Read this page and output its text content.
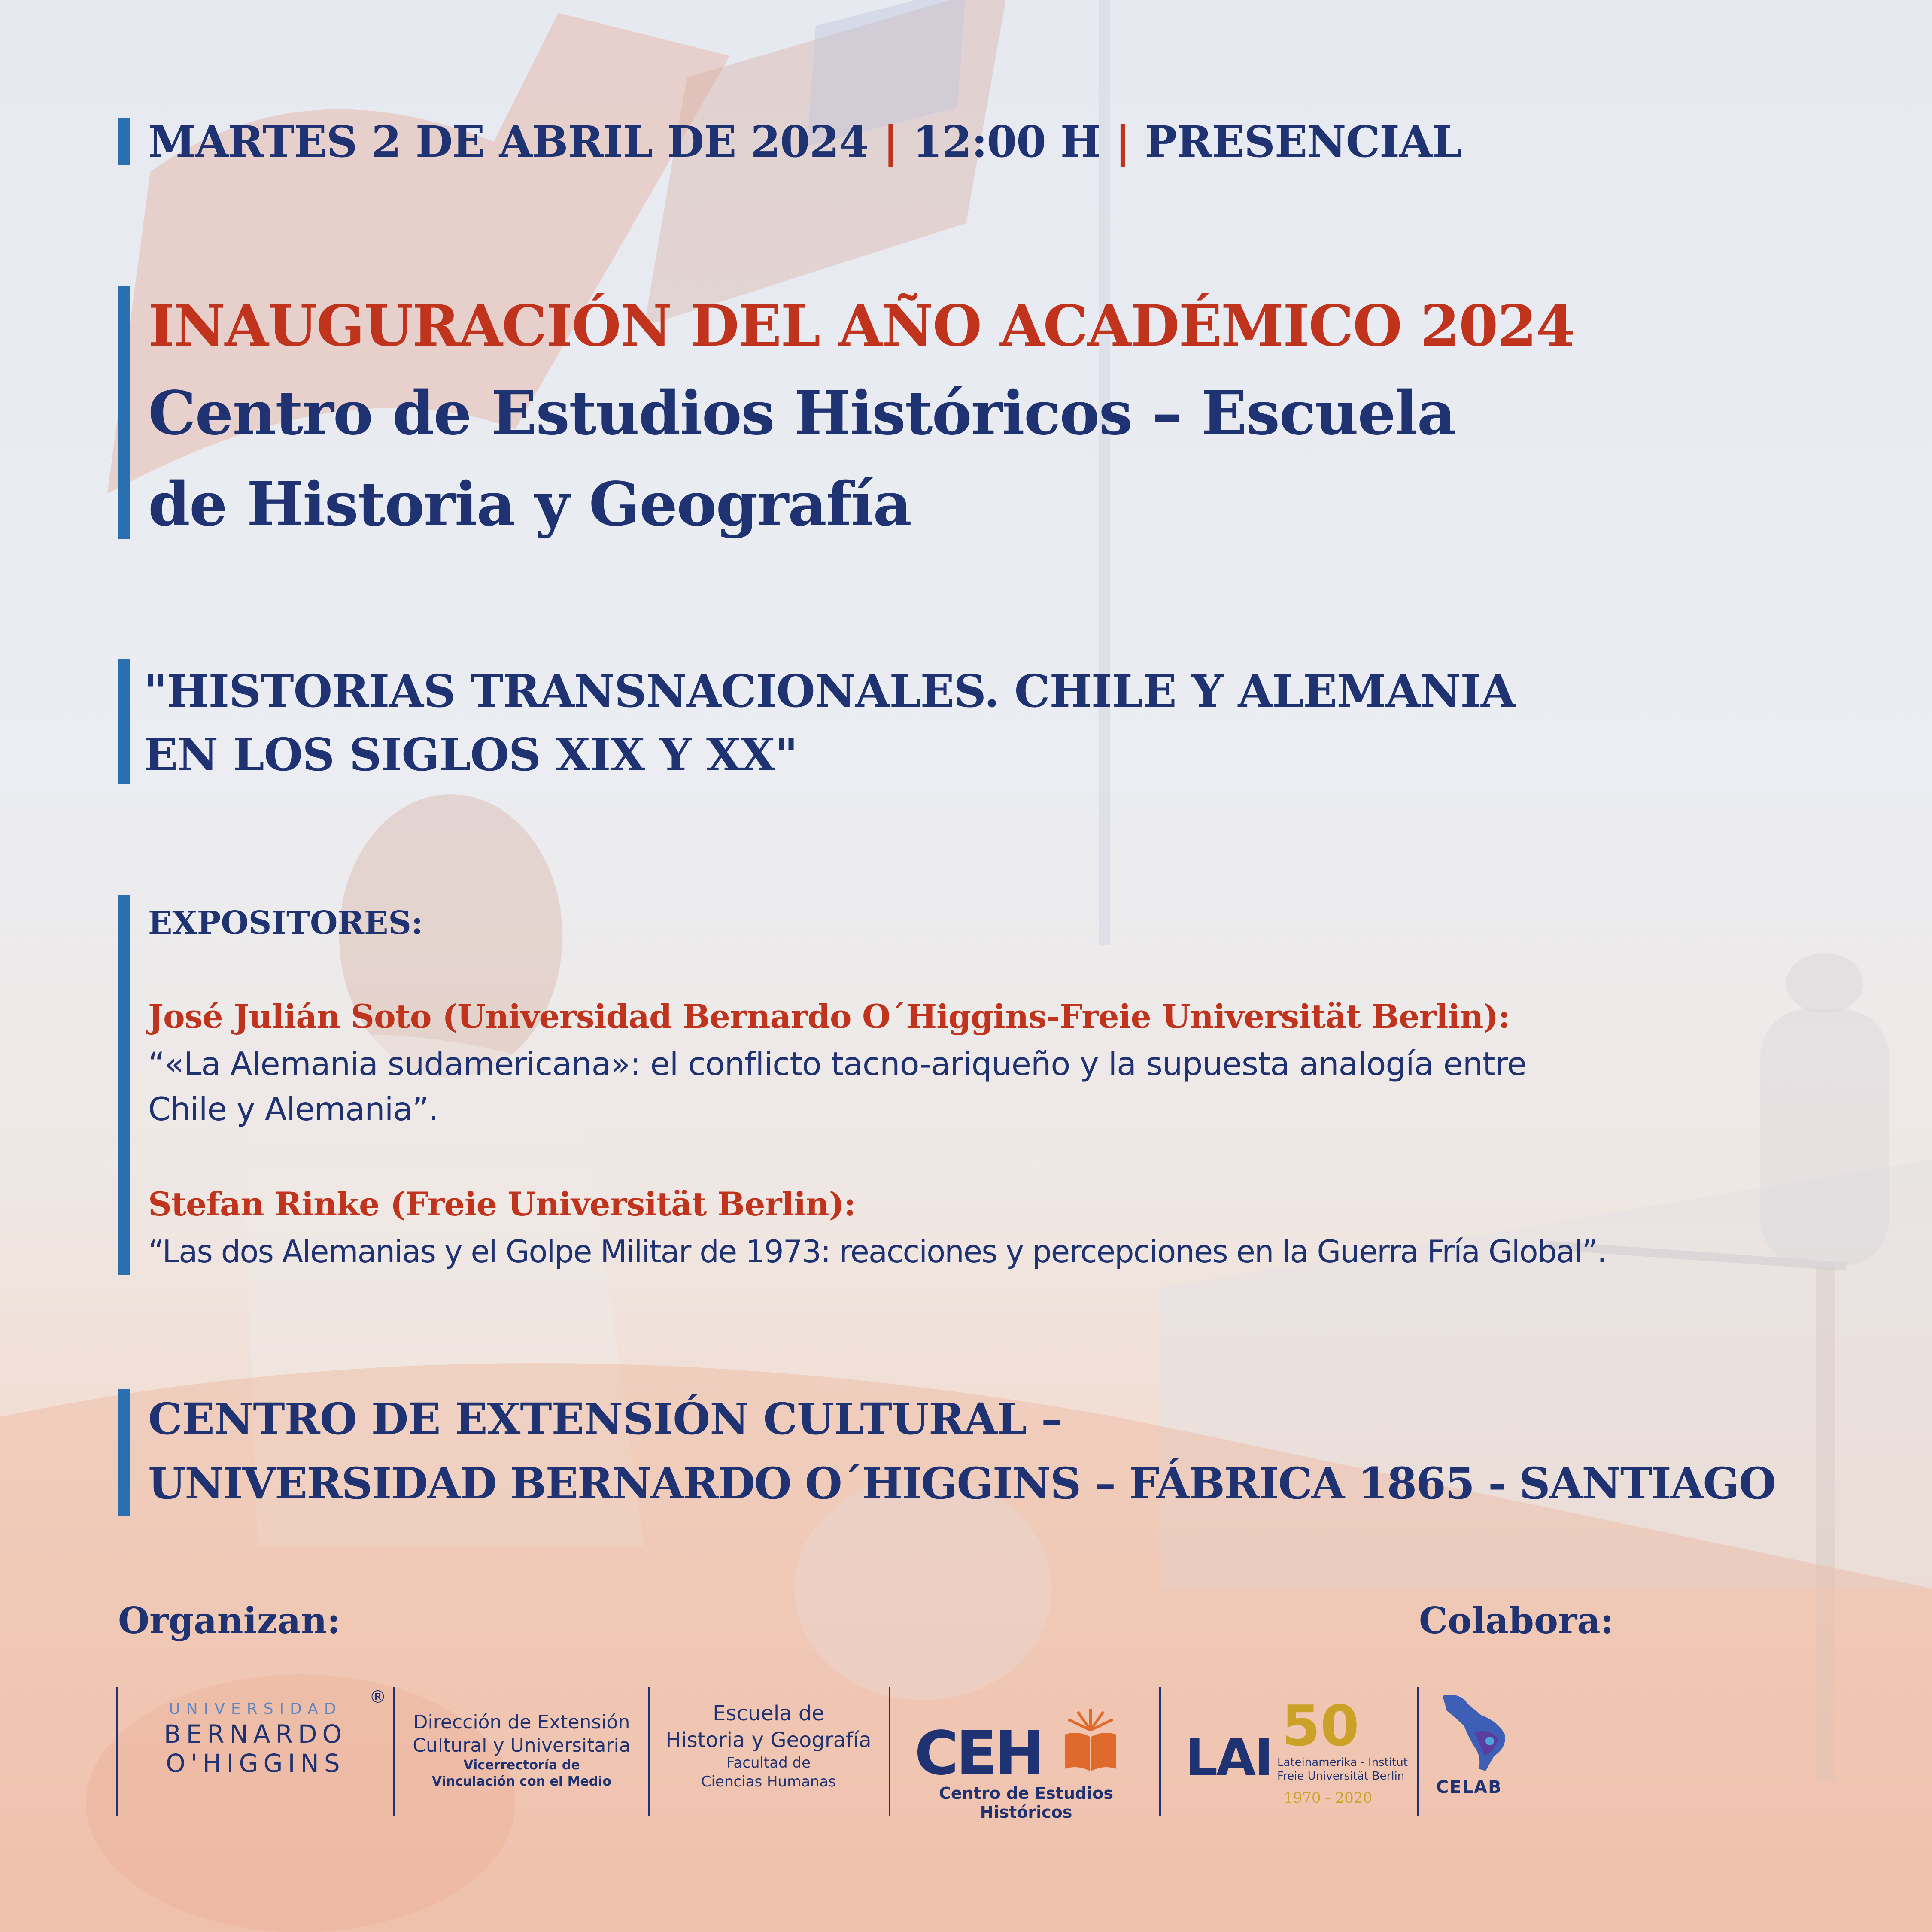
MARTES 2 DE ABRIL DE 2024 | 12:00 H | PRESENCIAL
INAUGURACIÓN DEL AÑO ACADÉMICO 2024
Centro de Estudios Históricos – Escuela
de Historia y Geografía
"HISTORIAS TRANSNACIONALES. CHILE Y ALEMANIA
EN LOS SIGLOS XIX Y XX"
EXPOSITORES:
José Julián Soto (Universidad Bernardo O´Higgins-Freie Universität Berlin):
“«La Alemania sudamericana»: el conflicto tacno-ariqueño y la supuesta analogía entre
Chile y Alemania”.
Stefan Rinke (Freie Universität Berlin):
“Las dos Alemanias y el Golpe Militar de 1973: reacciones y percepciones en la Guerra Fría Global”.
CENTRO DE EXTENSIÓN CULTURAL –
UNIVERSIDAD BERNARDO O´HIGGINS – FÁBRICA 1865 - SANTIAGO
Organizan:	Colabora:
UNIVERSIDAD
BERNARDO
O'HIGGINS
®
Dirección de Extensión
Cultural y Universitaria
Vicerrectoría de
Vinculación con el Medio
Escuela de
Historia y Geografía
Facultad de
Ciencias Humanas	CEH
Centro de Estudios Históricos
LAI 50
Lateinamerika - Institut
Freie Universität Berlin
1970 - 2020
CELAB
